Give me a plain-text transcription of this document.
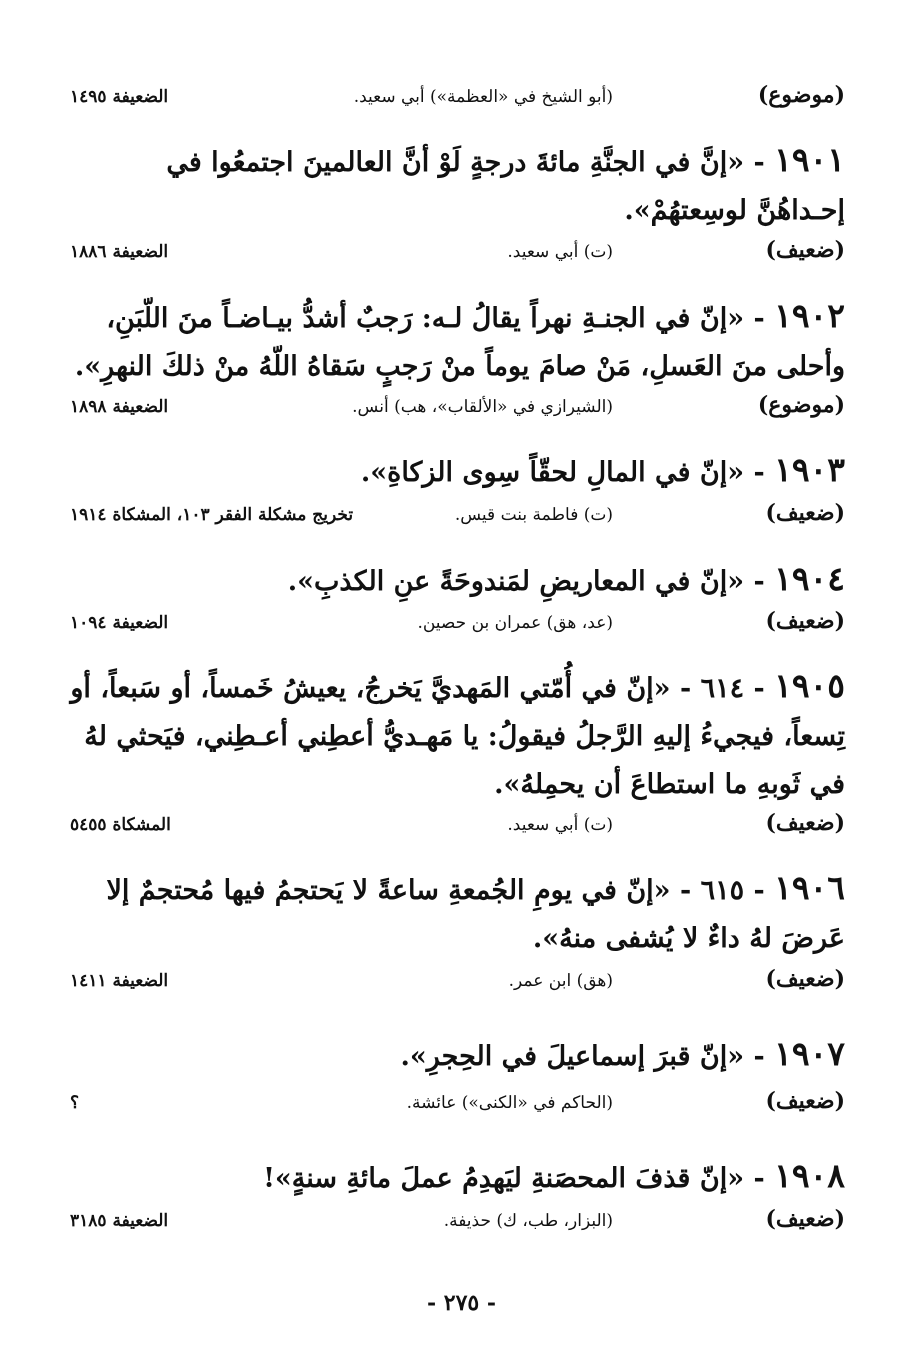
(موضوع)
(أبو الشيخ في «العظمة») أبي سعيد.
الضعيفة ١٤٩٥
١٩٠١ - «إنَّ في الجنَّةِ مائةَ درجةٍ لَوْ أنَّ العالمينَ اجتمعُوا في إحـداهُنَّ لوسِعتهُمْ».
(ضعيف)
(ت) أبي سعيد.
الضعيفة ١٨٨٦
١٩٠٢ - «إنّ في الجنـةِ نهراً يقالُ لـه: رَجبٌ أشدُّ بيـاضـاً منَ اللّبَنِ، وأحلى منَ العَسلِ، مَنْ صامَ يوماً منْ رَجبٍ سَقاهُ اللّهُ منْ ذلكَ النهرِ».
(موضوع)
(الشيرازي في «الألقاب»، هب) أنس.
الضعيفة ١٨٩٨
١٩٠٣ - «إنّ في المالِ لحقّاً سِوى الزكاةِ».
(ضعيف)
(ت) فاطمة بنت قيس.
تخريج مشكلة الفقر ١٠٣، المشكاة ١٩١٤
١٩٠٤ - «إنّ في المعاريضِ لمَندوحَةً عنِ الكذبِ».
(ضعيف)
(عد، هق) عمران بن حصين.
الضعيفة ١٠٩٤
١٩٠٥ - ٦١٤ - «إنّ في أُمّتي المَهديَّ يَخرجُ، يعيشُ خَمساً، أو سَبعاً، أو تِسعاً، فيجيءُ إليهِ الرَّجلُ فيقولُ: يا مَهـديُّ أعطِني أعـطِني، فيَحثي لهُ في ثَوبهِ ما استطاعَ أن يحمِلهُ».
(ضعيف)
(ت) أبي سعيد.
المشكاة ٥٤٥٥
١٩٠٦ - ٦١٥ - «إنّ في يومِ الجُمعةِ ساعةً لا يَحتجمُ فيها مُحتجمٌ إلا عَرضَ لهُ داءٌ لا يُشفى منهُ».
(ضعيف)
(هق) ابن عمر.
الضعيفة ١٤١١
١٩٠٧ - «إنّ قبرَ إسماعيلَ في الحِجرِ».
(ضعيف)
(الحاكم في «الكنى») عائشة.
؟
١٩٠٨ - «إنّ قذفَ المحصَنةِ ليَهدِمُ عملَ مائةِ سنةٍ»!
(ضعيف)
(البزار، طب، ك) حذيفة.
الضعيفة ٣١٨٥
- ٢٧٥ -
